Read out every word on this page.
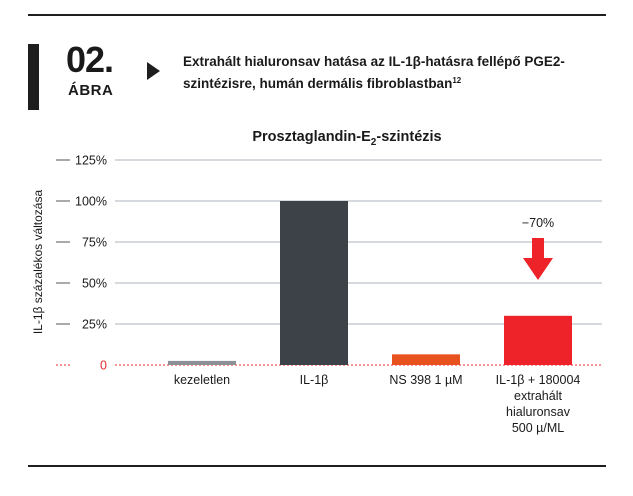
02.
ÁBRA
Extrahált hialuronsav hatása az IL-1β-hatásra fellépő PGE2-szintézisre, humán dermális fibroblastban$^{12}$
Prosztaglandin-$E_2$-szintézis
IL-1β százalékos változása
0
25%
50%
75%
100%
125%
kezeletlen	IL-1β	NS 398 1 µM	IL-1β + 180004
extrahált
hialuronsav
500 µ/ML
−70%
